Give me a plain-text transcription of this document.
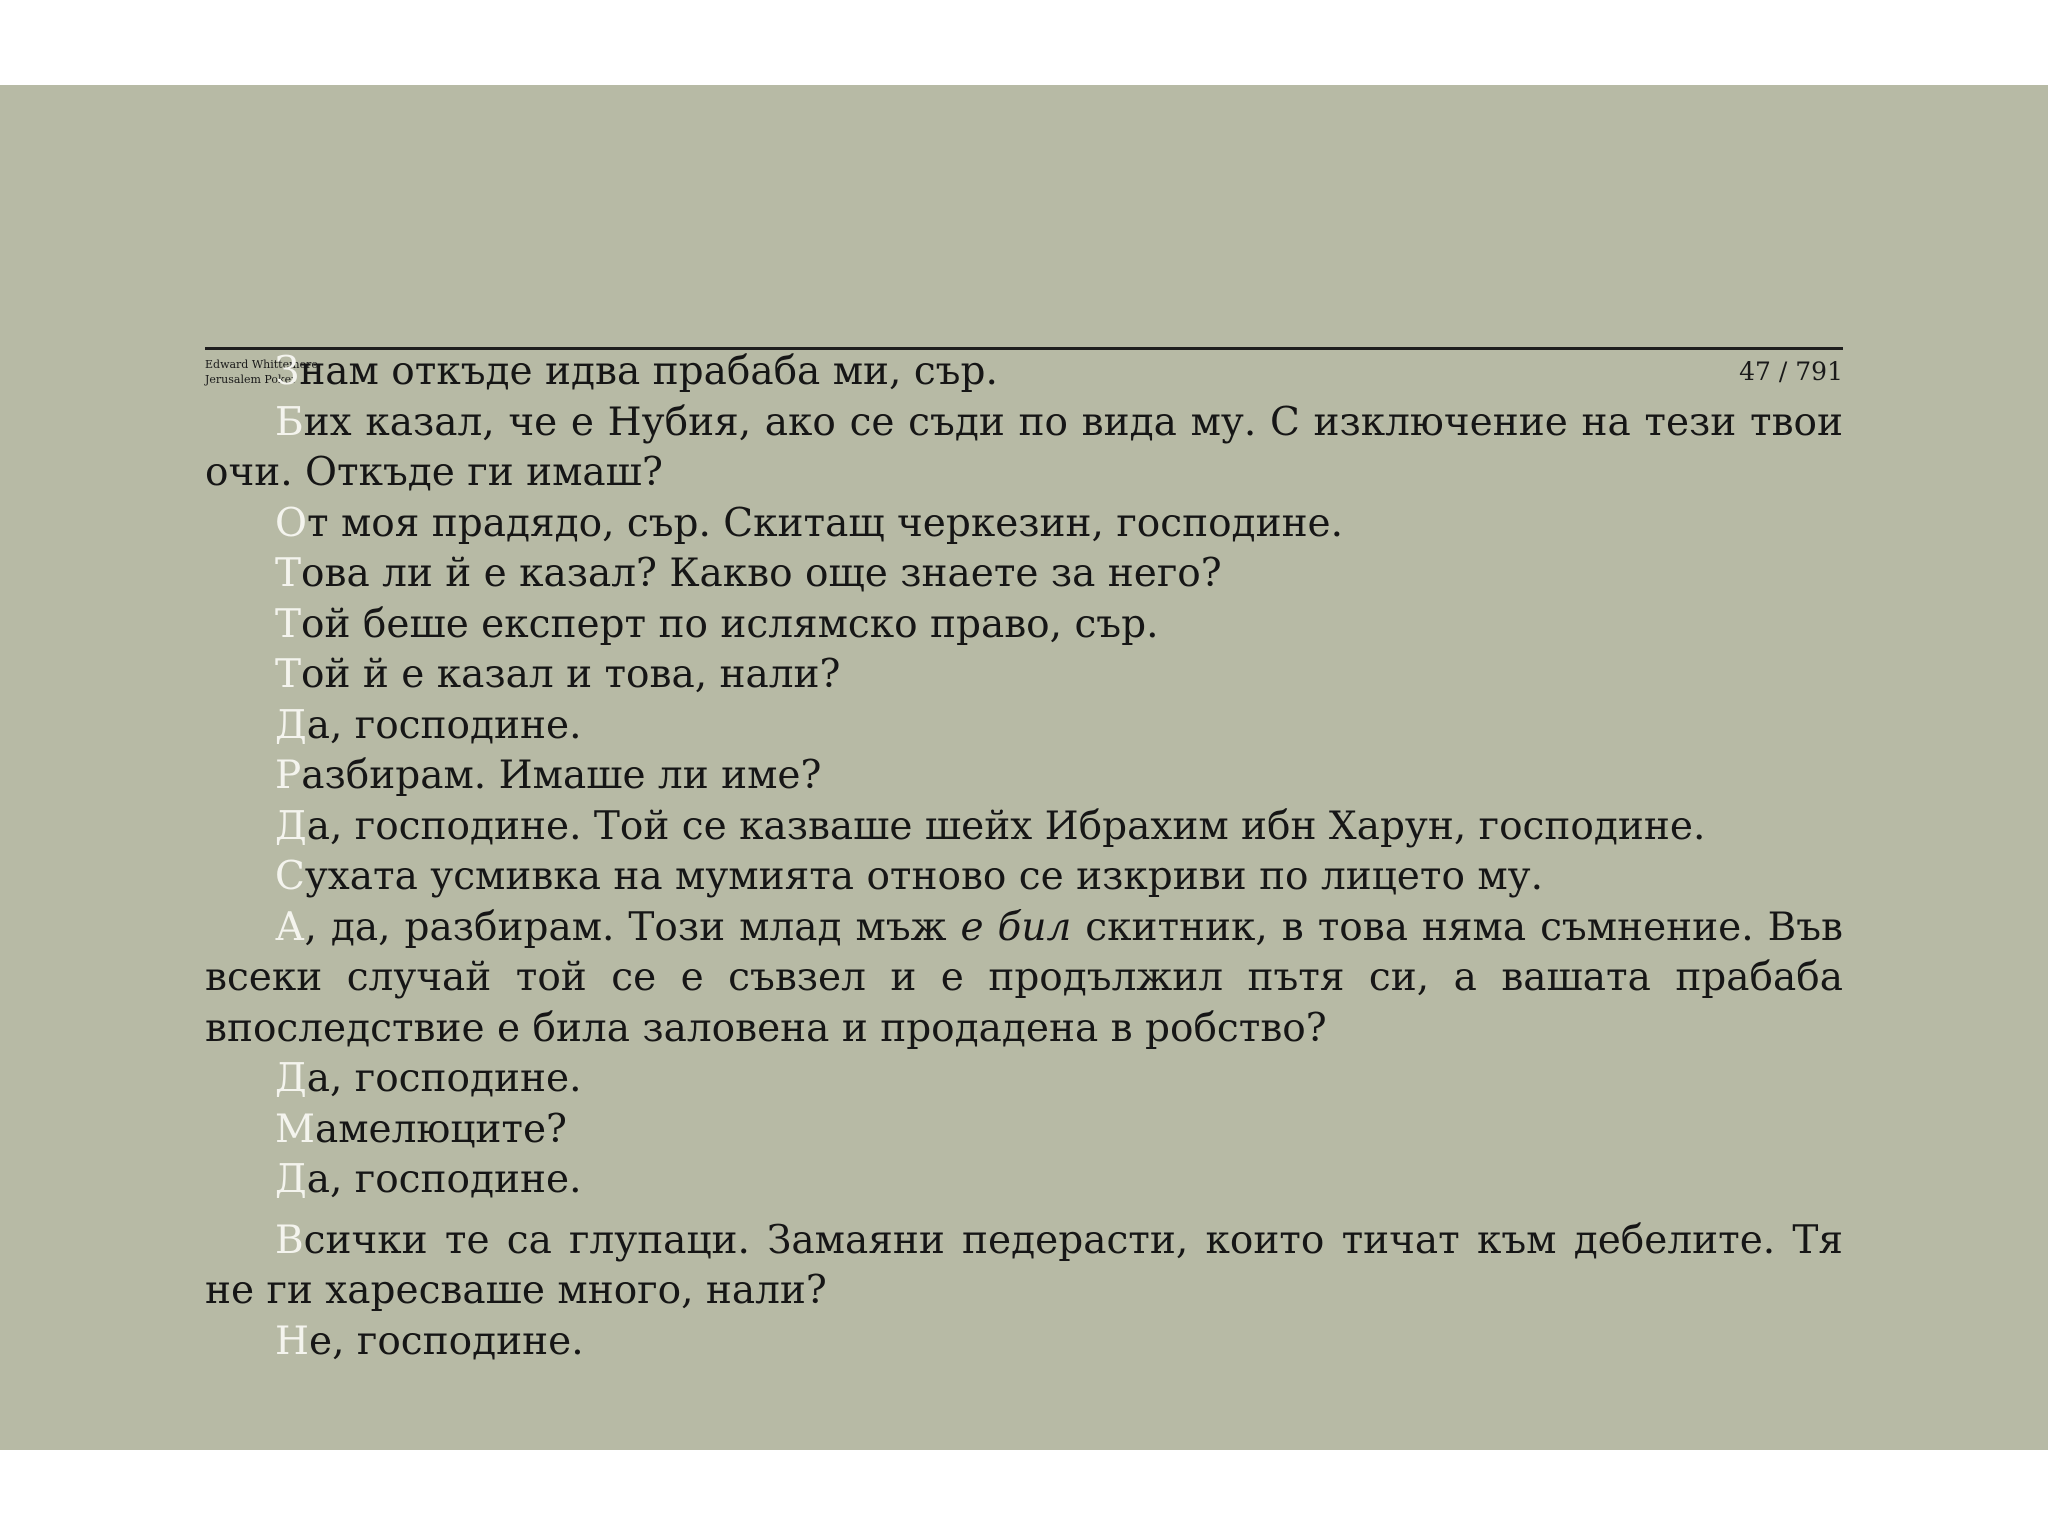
Edward Whittemore
Jerusalem Poker	47 / 791

Знам откъде идва прабаба ми, сър.

Бих казал, че е Нубия, ако се съди по вида му. С изключение на тези твои очи. Откъде ги имаш?

От моя прадядо, сър. Скитащ черкезин, господине.

Това ли й е казал? Какво още знаете за него?

Той беше експерт по ислямско право, сър.

Той й е казал и това, нали?

Да, господине.

Разбирам. Имаше ли име?

Да, господине. Той се казваше шейх Ибрахим ибн Харун, господине.

Сухата усмивка на мумията отново се изкриви по лицето му.

А, да, разбирам. Този млад мъж е бил скитник, в това няма съмнение. Във всеки случай той се е съвзел и е продължил пътя си, а вашата прабаба впоследствие е била заловена и продадена в робство?

Да, господине.

Мамелюците?

Да, господине.

Всички те са глупаци. Замаяни педерасти, които тичат към дебелите. Тя не ги харесваше много, нали?

Не, господине.
